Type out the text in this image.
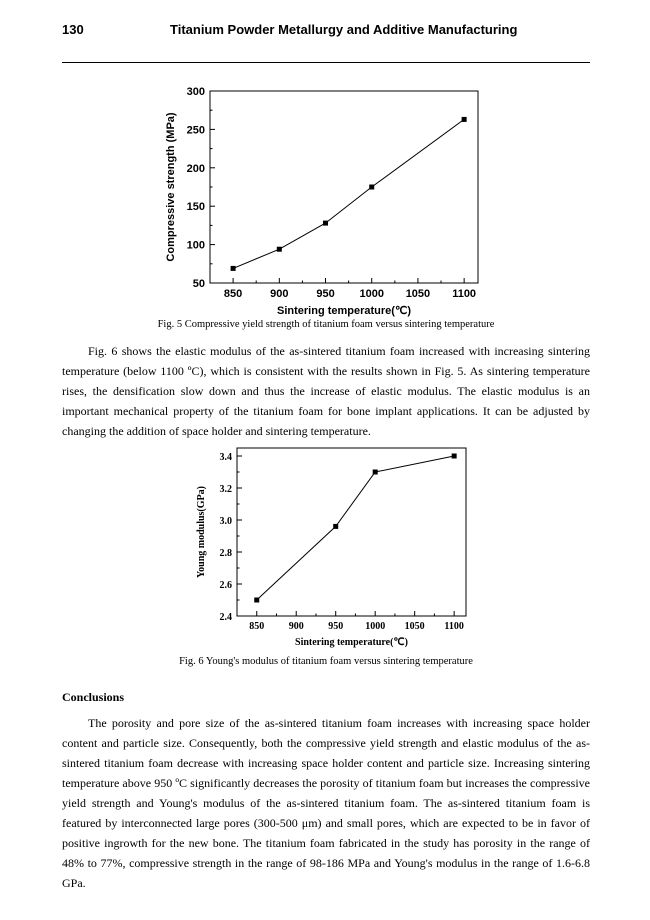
130	Titanium Powder Metallurgy and Additive Manufacturing
850	900	950 1000 1050 1100
50
100
150
200
250
300
Sintering temperature(℃)
Compressive strength (MPa)
Fig. 5 Compressive yield strength of titanium foam versus sintering temperature

Fig. 6 shows the elastic modulus of the as-sintered titanium foam increased with increasing sintering temperature (below 1100 ºC), which is consistent with the results shown in Fig. 5. As sintering temperature rises, the densification slow down and thus the increase of elastic modulus. The elastic modulus is an important mechanical property of the titanium foam for bone implant applications. It can be adjusted by changing the addition of space holder and sintering temperature.

850 900 950 1000 1050 1100
2.4
2.6
2.8
3.0
3.2
3.4
Sintering temperature(℃)
Young modulus(GPa)
Fig. 6 Young's modulus of titanium foam versus sintering temperature
Conclusions

The porosity and pore size of the as-sintered titanium foam increases with increasing space holder content and particle size. Consequently, both the compressive yield strength and elastic modulus of the as-sintered titanium foam decrease with increasing space holder content and particle size. Increasing sintering temperature above 950 ºC significantly decreases the porosity of titanium foam but increases the compressive yield strength and Young's modulus of the as-sintered titanium foam. The as-sintered titanium foam is featured by interconnected large pores (300-500 μm) and small pores, which are expected to be in favor of positive ingrowth for the new bone. The titanium foam fabricated in the study has porosity in the range of 48% to 77%, compressive strength in the range of 98-186 MPa and Young's modulus in the range of 1.6-6.8 GPa.
